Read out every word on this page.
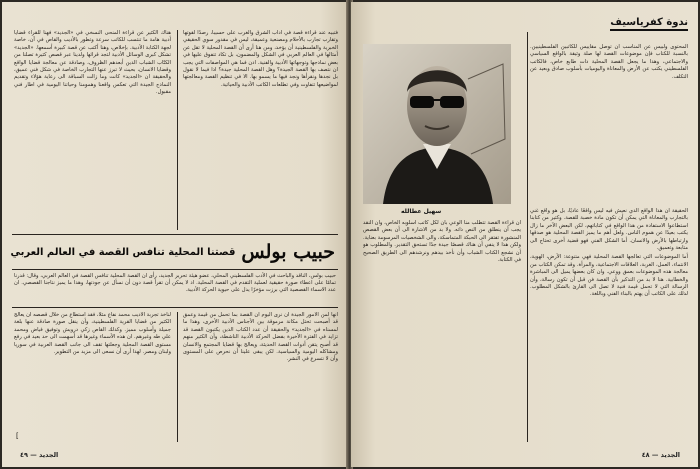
فتبيه عند قراءة قصة في ادأب الشرق والغرب على حسيبا، رصدًا لقوتها وتقارب تجارب بالأحلام ومصنعية وعميقة، ليس في مقدور سوي الحقيقي الخبرية والفلسطينية أن يؤخذ، ومن هنا أرى أن القصة المحلية لا تقل عن أمثالها في العالم العربي في الشكل والمضمون، بل تكاد تتفوق عليها في بعض نماذجها وتوجهاتها الأدبية والفنية. اذن فما هي المواصفات التي يجب ان نتصف بها القصة الجيدة؟ وهل القصة المحلية جيدة؟ اذا فيما لا نقول بل نجدها ونقرأها ونجد فيها ما يسمو بها. الا في تنظيم القصة ومعالجتها لمواضيعها تتفاوت وفي تطلعات الكاتب الأدبية والحياتية.

هناك الكثير عن قراءة المنحى النسخي في «الجديد» فهنا للقراء قضايا أدبية هامة ما تنتسب للكاتب سرعة وتطور بالأديب والقاص في آن، خاصة لجهة الكتابة الأدبية. بإخلاص، وهنا أكتب عن قصة كبيرة أسمعها. «الجديد» تشكل كبرى الوسائل الأدبية لتجد قرائها ولدينا عبر قصص كثيرة تصلنا من الكتّاب الشباب الذين أبعدهم الظروف، وصادقة عن معالجة قضايا الواقع وقضايا الانسان، بحيث لا تبرز عنها التجارب الخاصة في شكل فني عميق، والحقيقة ان «الجديد» كانت وما زالت السباقة الى رعاية هؤلاء وتقديم النماذج الجيدة التي تعكس واقعنا وهمومنا وحياتنا اليومية في اطار فني مقبول.

حبيب بولس
قصتنا المحلية تنافس القصة في العالم العربي
حبيب بولس، الناقد والباحث في الأدب الفلسطيني المحلي، عضو هيئة تحرير الجديد، رأى ان القصة المحلية تنافس القصة في العالم العربي، وقال: قدرنا تمامًا على اعطاء صورة حقيقية لعملية التقدم في القصة المحلية. اذ لا يمكن أن تقرأ قصة دون أن نسأل عن جودتها، وهذا ما يميز نتاجنا القصصي. ان عدد الاسماء القصصية التي برزت مؤخرًا يدل على حيوية الحركة الأدبية.

انها لمن الأمور الجيدة ان نرى اليوم ان القصة بما تحمل من قيمة وعمق قد أصبحت تحتل مكانة مرموقة بين الأجناس الأدبية الأخرى، وهذا ما لمسناه في «الجديد» والحقيقة أن عدد الكتاب الذين يكتبون القصة قد تزايد في الفترة الأخيرة بفضل الحركة الأدبية الناشطة، وأن الكثير منهم قد أصبح يتقن أدوات القصة الحديثة، ويعالج بها قضايا المجتمع والانسان ومشاكله اليومية والسياسية. لكن يبقى علينا أن نحرص على المستوى وأن لا نتسرع في النشر.

لنأخذ تجربة الأديب محمد نفاع مثلاً، فقد استطاع من خلال قصصه ان يعالج الكثير من قضايا القرية الفلسطينية، وأن ينقل صورة صادقة عنها بلغة جميلة وأسلوب مميز. وكذلك القاص زكي درويش وتوفيق فياض ومحمد علي طه وغيرهم. ان هذه الأسماء وغيرها قد أسهمت الى حد بعيد في رفع مستوى القصة المحلية وجعلتها تقف الى جانب القصة العربية في سوريا ولبنان ومصر. لهذا أرى أن نسعى الى مزيد من التطوير.

]
الجديد — ٤٩
ندوة كفرياسيف

المحتوى ولبيس عن المناسب أن توصل مقاييس للكاتبين الفلسطينيين. بالنسبة للكتاب فإن موضوعات القصة لها صلة وثيقة بالواقع السياسي والاجتماعي، وهذا ما يجعل القصة المحلية ذات طابع خاص، فالكاتب الفلسطيني يكتب عن الأرض والمعاناة واليوميات بأسلوب صادق وبعيد عن التكلف.

سهيل عطالله	الحقيقة أن هذا الواقع الذي نعيش فيه ليس واقعًا عاديًا، بل هو واقع غني بالتجارب والمعاناة التي يمكن أن تكون مادة خصبة للقصة. وكثير من كتابنا استطاعوا الاستفادة من هذا الواقع في كتاباتهم، لكن البعض الآخر ما زال يكتب بعيدًا عن هموم الناس. ولعل أهم ما يميز القصة المحلية هو صدقها وارتباطها بالأرض والانسان. أما الشكل الفني فهو قضية أخرى تحتاج الى متابعة وتعميق.

أما الموضوعات التي تعالجها القصة المحلية فهي متنوعة: الأرض، الهوية، الانتماء، العمل، الغربة، العلاقات الاجتماعية، والمرأة. وقد تمكن الكتاب من معالجة هذه الموضوعات بعمق ووعي. وان كان بعضها يميل الى المباشرة والخطابية. هنا لا بد من التذكير بأن القصة فن قبل أن تكون رسالة، وأن الرسالة التي لا تحمل قيمة فنية لا تصل الى القارئ بالشكل المطلوب. لذلك على الكاتب أن يهتم بالبناء الفني وباللغة.

ان قراءة القصة تتطلب منا الوعي بأن لكل كاتب أسلوبه الخاص، وأن النقد يجب أن ينطلق من النص ذاته. ولا بد من الاشارة الى أن بعض القصص المنشورة تفتقر الى الحبكة المتماسكة، والى الشخصيات المرسومة بعناية. ولكن هذا لا ينفي أن هناك قصصًا جيدة جدًا تستحق التقدير. والمطلوب هو أن نشجع الكتاب الشباب وأن نأخذ بيدهم ونرشدهم الى الطريق الصحيح في الكتابة.

الجديد — ٤٨
